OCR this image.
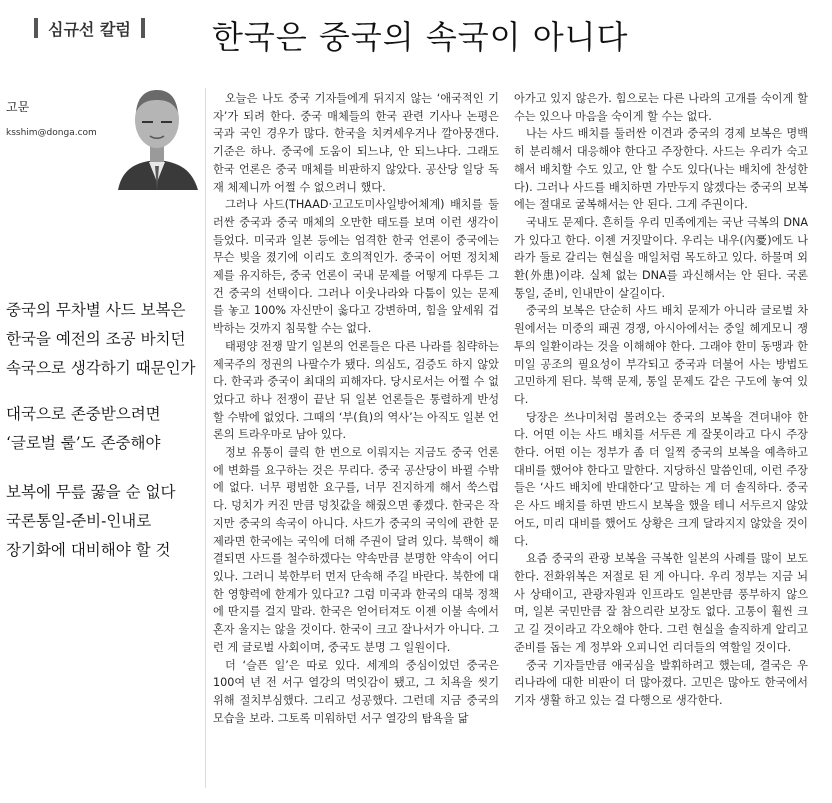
심규선 칼럼	한국은 중국의 속국이 아니다
고문
ksshim@donga.com

중국의 무차별 사드 보복은

한국을 예전의 조공 바치던

속국으로 생각하기 때문인가

대국으로 존중받으려면

‘글로벌 룰’도 존중해야

보복에 무릎 꿇을 순 없다

국론통일-준비-인내로

장기화에 대비해야 할 것

오늘은 나도 중국 기자들에게 뒤지지 않는 ‘애국적인 기자’가 되려 한다. 중국 매체들의 한국 관련 기사나 논평은 국과 국인 경우가 많다. 한국을 치켜세우거나 깔아뭉갠다. 기준은 하나. 중국에 도움이 되느냐, 안 되느냐다. 그래도 한국 언론은 중국 매체를 비판하지 않았다. 공산당 일당 독재 체제니까 어쩔 수 없으려니 했다.

그러나 사드(THAAD·고고도미사일방어체계) 배치를 둘러싼 중국과 중국 매체의 오만한 태도를 보며 이런 생각이 들었다. 미국과 일본 등에는 엄격한 한국 언론이 중국에는 무슨 빚을 졌기에 이리도 호의적인가. 중국이 어떤 정치체제를 유지하든, 중국 언론이 국내 문제를 어떻게 다루든 그건 중국의 선택이다. 그러나 이웃나라와 다툼이 있는 문제를 놓고 100% 자신만이 옳다고 강변하며, 힘을 앞세워 겁박하는 것까지 침묵할 수는 없다.

태평양 전쟁 말기 일본의 언론들은 다른 나라를 침략하는 제국주의 정권의 나팔수가 됐다. 의심도, 검증도 하지 않았다. 한국과 중국이 최대의 피해자다. 당시로서는 어쩔 수 없었다고 하나 전쟁이 끝난 뒤 일본 언론들은 통렬하게 반성할 수밖에 없었다. 그때의 ‘부(負)의 역사’는 아직도 일본 언론의 트라우마로 남아 있다.

정보 유통이 클릭 한 번으로 이뤄지는 지금도 중국 언론에 변화를 요구하는 것은 무리다. 중국 공산당이 바뀔 수밖에 없다. 너무 평범한 요구를, 너무 진지하게 해서 쑥스럽다. 덩치가 커진 만큼 덩칫값을 해줬으면 좋겠다. 한국은 작지만 중국의 속국이 아니다. 사드가 중국의 국익에 관한 문제라면 한국에는 국익에 더해 주권이 달려 있다. 북핵이 해결되면 사드를 철수하겠다는 약속만큼 분명한 약속이 어디 있나. 그러니 북한부터 먼저 단속해 주길 바란다. 북한에 대한 영향력에 한계가 있다고? 그럼 미국과 한국의 대북 정책에 딴지를 걸지 말라. 한국은 얻어터져도 이젠 이불 속에서 혼자 울지는 않을 것이다. 한국이 크고 잘나서가 아니다. 그런 게 글로벌 사회이며, 중국도 분명 그 일원이다.

더 ‘슬픈 일’은 따로 있다. 세계의 중심이었던 중국은 100여 년 전 서구 열강의 먹잇감이 됐고, 그 치욕을 씻기 위해 절치부심했다. 그리고 성공했다. 그런데 지금 중국의 모습을 보라. 그토록 미워하던 서구 열강의 탐욕을 닮

아가고 있지 않은가. 힘으로는 다른 나라의 고개를 숙이게 할 수는 있으나 마음을 숙이게 할 수는 없다.

나는 사드 배치를 둘러싼 이견과 중국의 경제 보복은 명백히 분리해서 대응해야 한다고 주장한다. 사드는 우리가 숙고해서 배치할 수도 있고, 안 할 수도 있다(나는 배치에 찬성한다). 그러나 사드를 배치하면 가만두지 않겠다는 중국의 보복에는 절대로 굴복해서는 안 된다. 그게 주권이다.

국내도 문제다. 흔히들 우리 민족에게는 국난 극복의 DNA가 있다고 한다. 이젠 거짓말이다. 우리는 내우(內憂)에도 나라가 둘로 갈리는 현실을 매일처럼 목도하고 있다. 하물며 외환(外患)이랴. 실체 없는 DNA를 과신해서는 안 된다. 국론 통일, 준비, 인내만이 살길이다.

중국의 보복은 단순히 사드 배치 문제가 아니라 글로벌 차원에서는 미중의 패권 경쟁, 아시아에서는 중일 헤게모니 쟁투의 일환이라는 것을 이해해야 한다. 그래야 한미 동맹과 한미일 공조의 필요성이 부각되고 중국과 더불어 사는 방법도 고민하게 된다. 북핵 문제, 통일 문제도 같은 구도에 놓여 있다.

당장은 쓰나미처럼 몰려오는 중국의 보복을 견뎌내야 한다. 어떤 이는 사드 배치를 서두른 게 잘못이라고 다시 주장한다. 어떤 이는 정부가 좀 더 일찍 중국의 보복을 예측하고 대비를 했어야 한다고 말한다. 지당하신 말씀인데, 이런 주장들은 ‘사드 배치에 반대한다’고 말하는 게 더 솔직하다. 중국은 사드 배치를 하면 반드시 보복을 했을 테니 서두르지 않았어도, 미리 대비를 했어도 상황은 크게 달라지지 않았을 것이다.

요즘 중국의 관광 보복을 극복한 일본의 사례를 많이 보도한다. 전화위복은 저절로 된 게 아니다. 우리 정부는 지금 뇌사 상태이고, 관광자원과 인프라도 일본만큼 풍부하지 않으며, 일본 국민만큼 잘 참으리란 보장도 없다. 고통이 훨씬 크고 길 것이라고 각오해야 한다. 그런 현실을 솔직하게 알리고 준비를 돕는 게 정부와 오피니언 리더들의 역할일 것이다.

중국 기자들만큼 애국심을 발휘하려고 했는데, 결국은 우리나라에 대한 비판이 더 많아졌다. 고민은 많아도 한국에서 기자 생활 하고 있는 걸 다행으로 생각한다.
